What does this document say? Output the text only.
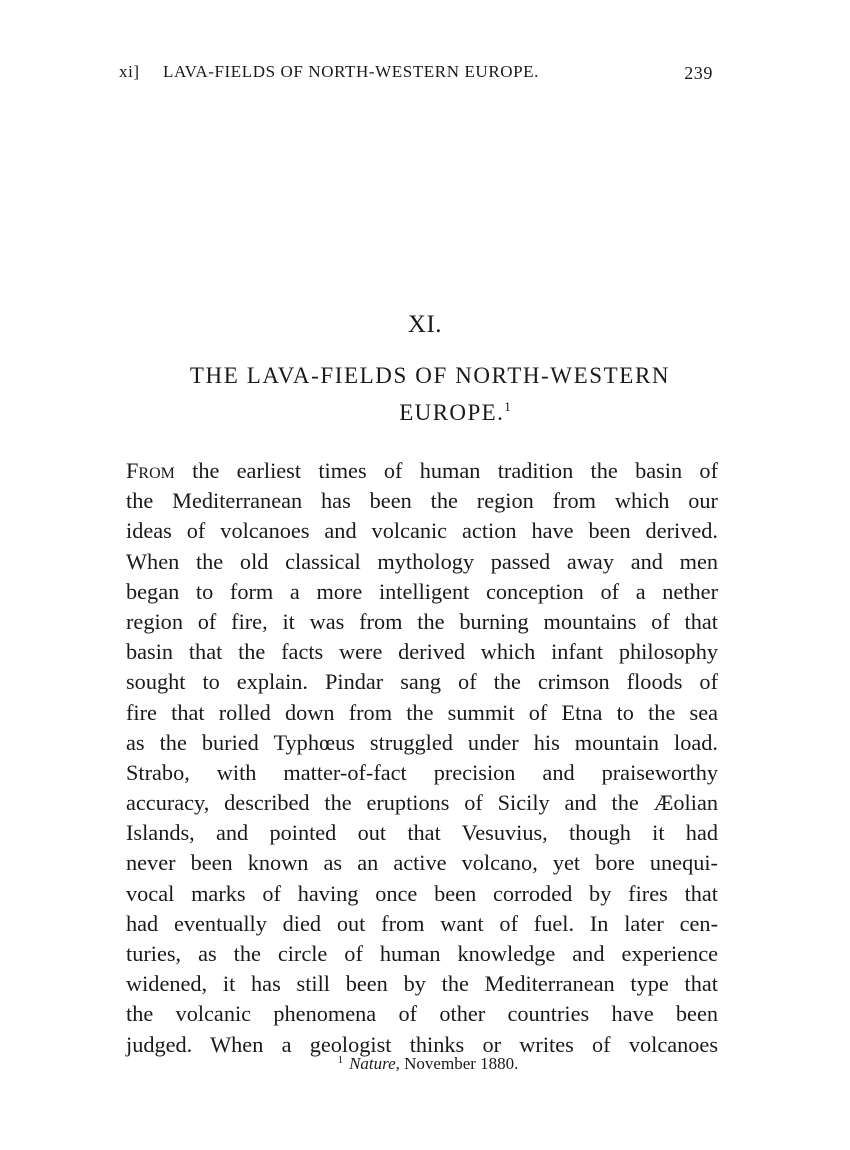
xi] LAVA-FIELDS OF NORTH-WESTERN EUROPE.	239
XI.
THE LAVA-FIELDS OF NORTH-WESTERN
EUROPE.$^1$
From the earliest times of human tradition the basin of
the Mediterranean has been the region from which our
ideas of volcanoes and volcanic action have been derived.
When the old classical mythology passed away and men
began to form a more intelligent conception of a nether
region of fire, it was from the burning mountains of that
basin that the facts were derived which infant philosophy
sought to explain. Pindar sang of the crimson floods of
fire that rolled down from the summit of Etna to the sea
as the buried Typhœus struggled under his mountain load.
Strabo, with matter-of-fact precision and praiseworthy
accuracy, described the eruptions of Sicily and the Æolian
Islands, and pointed out that Vesuvius, though it had
never been known as an active volcano, yet bore unequi-
vocal marks of having once been corroded by fires that
had eventually died out from want of fuel. In later cen-
turies, as the circle of human knowledge and experience
widened, it has still been by the Mediterranean type that
the volcanic phenomena of other countries have been
judged. When a geologist thinks or writes of volcanoes
$^1$ Nature, November 1880.
